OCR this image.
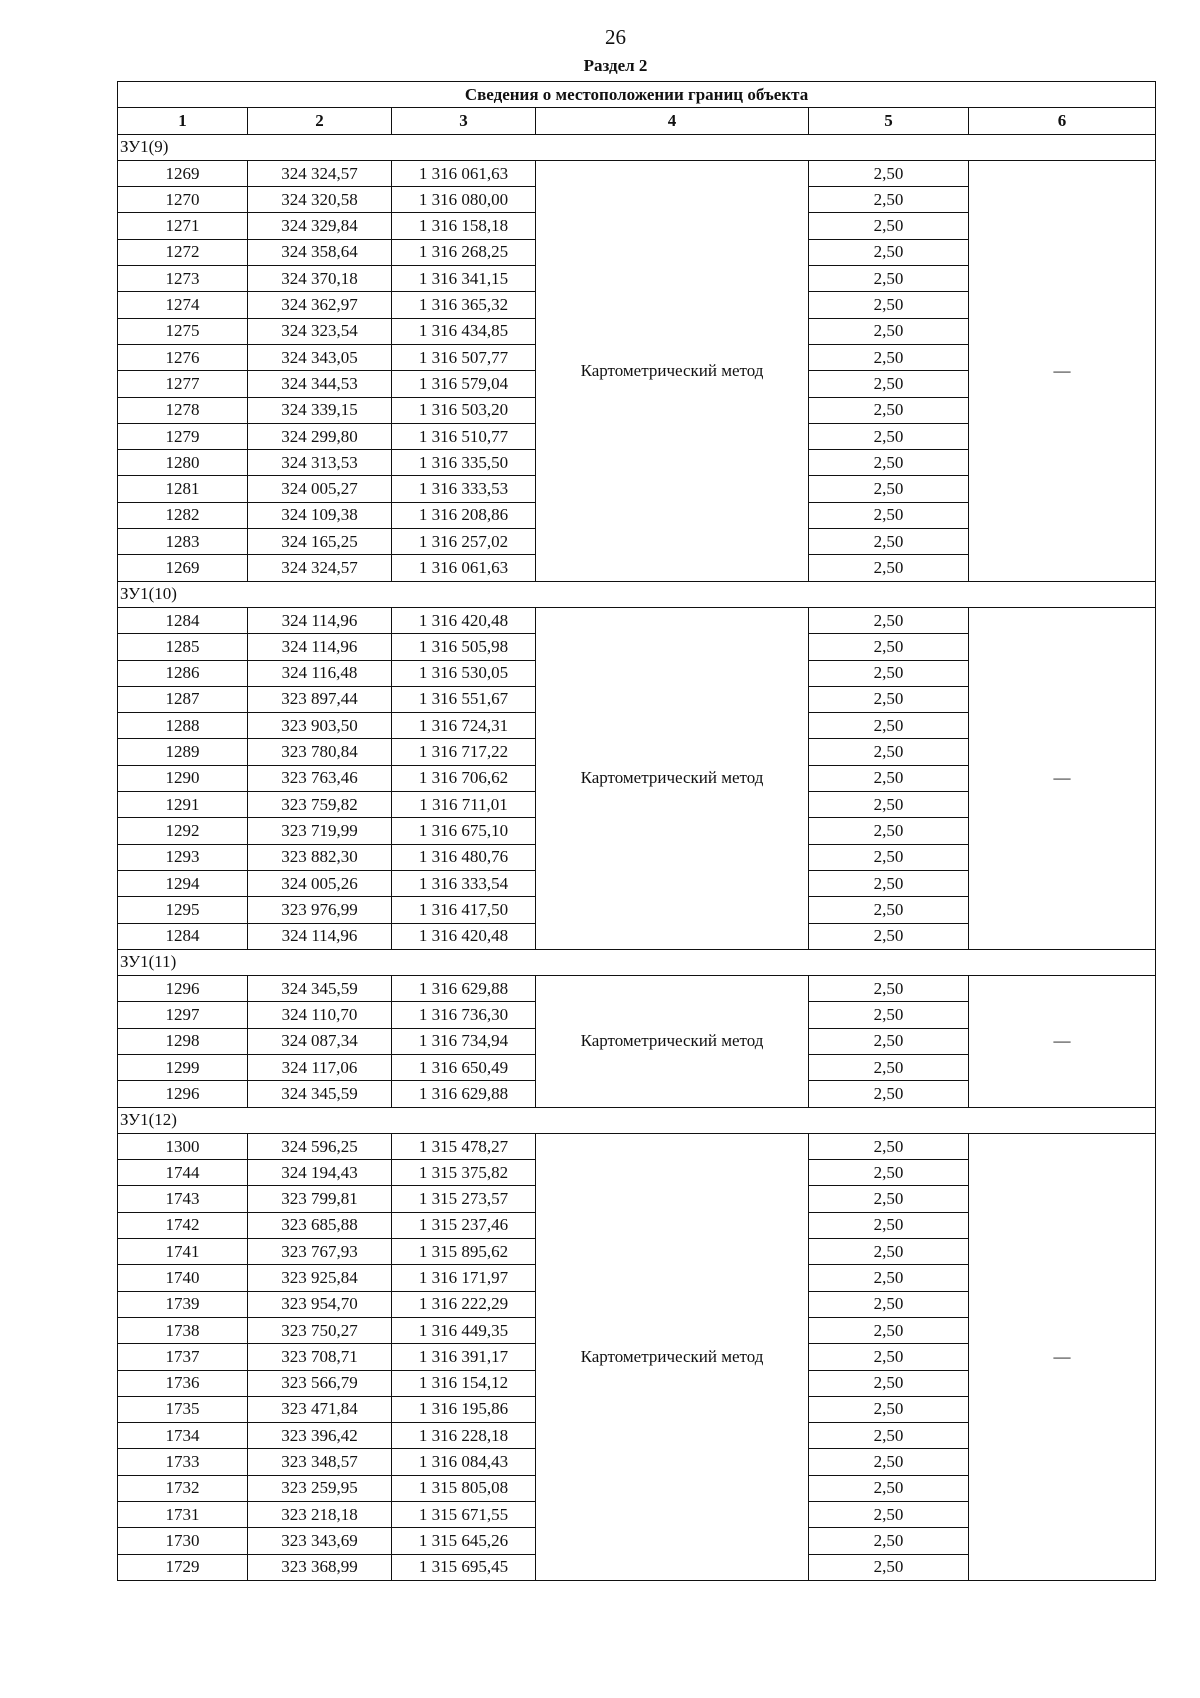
26
Раздел 2
Сведения о местоположении границ объекта					
1	2	3	4	5	6
ЗУ1(9)					
1269	324 324,57	1 316 061,63	Картометрический метод	2,50	—
1270	324 320,58	1 316 080,00		2,50	
1271	324 329,84	1 316 158,18		2,50	
1272	324 358,64	1 316 268,25		2,50	
1273	324 370,18	1 316 341,15		2,50	
1274	324 362,97	1 316 365,32		2,50	
1275	324 323,54	1 316 434,85		2,50	
1276	324 343,05	1 316 507,77		2,50	
1277	324 344,53	1 316 579,04		2,50	
1278	324 339,15	1 316 503,20		2,50	
1279	324 299,80	1 316 510,77		2,50	
1280	324 313,53	1 316 335,50		2,50	
1281	324 005,27	1 316 333,53		2,50	
1282	324 109,38	1 316 208,86		2,50	
1283	324 165,25	1 316 257,02		2,50	
1269	324 324,57	1 316 061,63		2,50	
ЗУ1(10)					
1284	324 114,96	1 316 420,48	Картометрический метод	2,50	—
1285	324 114,96	1 316 505,98		2,50	
1286	324 116,48	1 316 530,05		2,50	
1287	323 897,44	1 316 551,67		2,50	
1288	323 903,50	1 316 724,31		2,50	
1289	323 780,84	1 316 717,22		2,50	
1290	323 763,46	1 316 706,62		2,50	
1291	323 759,82	1 316 711,01		2,50	
1292	323 719,99	1 316 675,10		2,50	
1293	323 882,30	1 316 480,76		2,50	
1294	324 005,26	1 316 333,54		2,50	
1295	323 976,99	1 316 417,50		2,50	
1284	324 114,96	1 316 420,48		2,50	
ЗУ1(11)					
1296	324 345,59	1 316 629,88	Картометрический метод	2,50	—
1297	324 110,70	1 316 736,30		2,50	
1298	324 087,34	1 316 734,94		2,50	
1299	324 117,06	1 316 650,49		2,50	
1296	324 345,59	1 316 629,88		2,50	
ЗУ1(12)					
1300	324 596,25	1 315 478,27	Картометрический метод	2,50	—
1744	324 194,43	1 315 375,82		2,50	
1743	323 799,81	1 315 273,57		2,50	
1742	323 685,88	1 315 237,46		2,50	
1741	323 767,93	1 315 895,62		2,50	
1740	323 925,84	1 316 171,97		2,50	
1739	323 954,70	1 316 222,29		2,50	
1738	323 750,27	1 316 449,35		2,50	
1737	323 708,71	1 316 391,17		2,50	
1736	323 566,79	1 316 154,12		2,50	
1735	323 471,84	1 316 195,86		2,50	
1734	323 396,42	1 316 228,18		2,50	
1733	323 348,57	1 316 084,43		2,50	
1732	323 259,95	1 315 805,08		2,50	
1731	323 218,18	1 315 671,55		2,50	
1730	323 343,69	1 315 645,26		2,50	
1729	323 368,99	1 315 695,45		2,50	
